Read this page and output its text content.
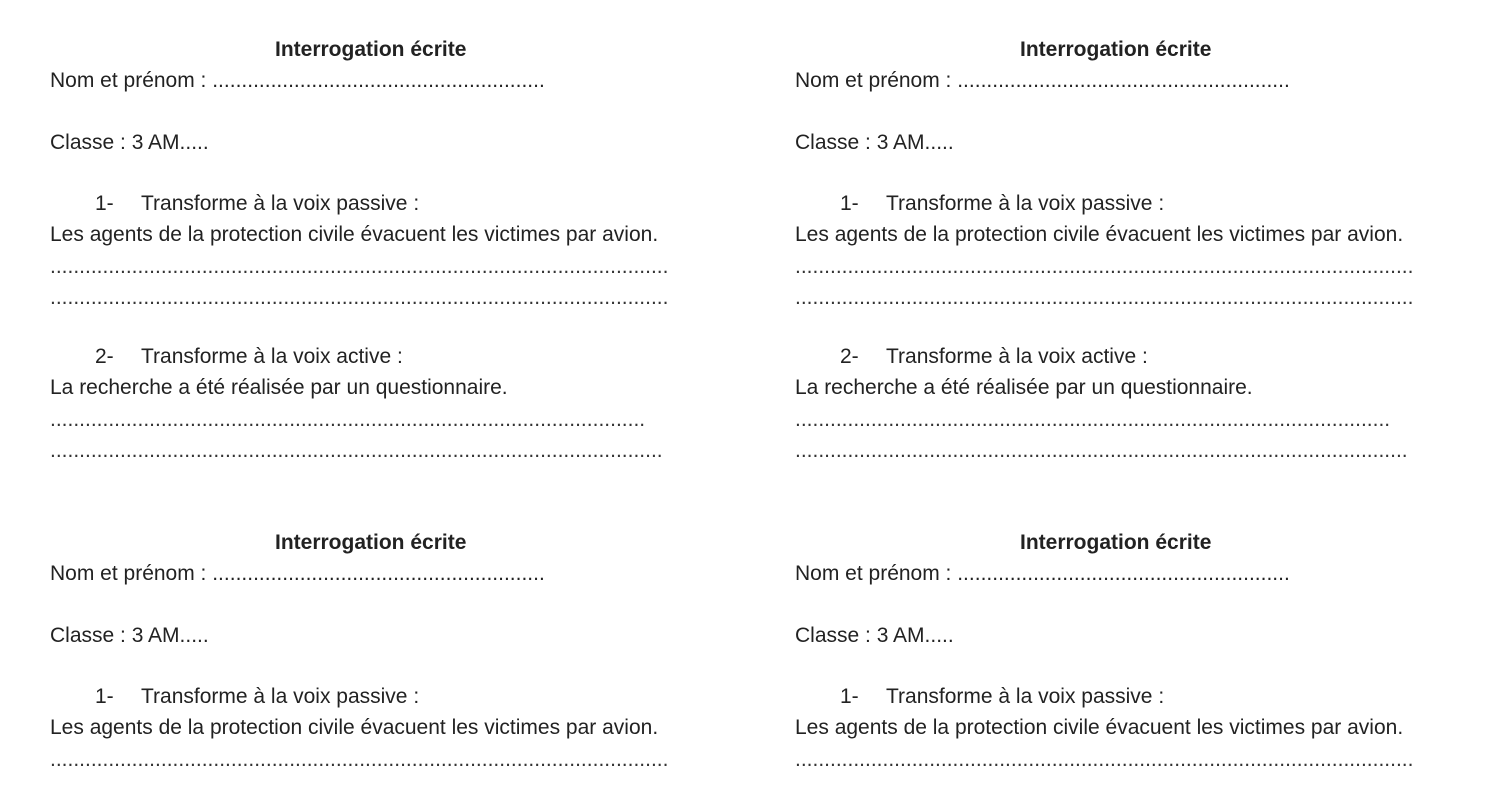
Interrogation écrite
Nom et prénom : .........................................................
Classe : 3 AM.....
1- Transforme à la voix passive :
Les agents de la protection civile évacuent les victimes par avion.
..........................................................................................................
..........................................................................................................
2- Transforme à la voix active :
La recherche a été réalisée par un questionnaire.
......................................................................................................
.........................................................................................................
Interrogation écrite
Nom et prénom : .........................................................
Classe : 3 AM.....
1- Transforme à la voix passive :
Les agents de la protection civile évacuent les victimes par avion.
..........................................................................................................
..........................................................................................................
2- Transforme à la voix active :
La recherche a été réalisée par un questionnaire.
......................................................................................................
.........................................................................................................
Interrogation écrite
Nom et prénom : .........................................................
Classe : 3 AM.....
1- Transforme à la voix passive :
Les agents de la protection civile évacuent les victimes par avion.
..........................................................................................................
Interrogation écrite
Nom et prénom : .........................................................
Classe : 3 AM.....
1- Transforme à la voix passive :
Les agents de la protection civile évacuent les victimes par avion.
..........................................................................................................
